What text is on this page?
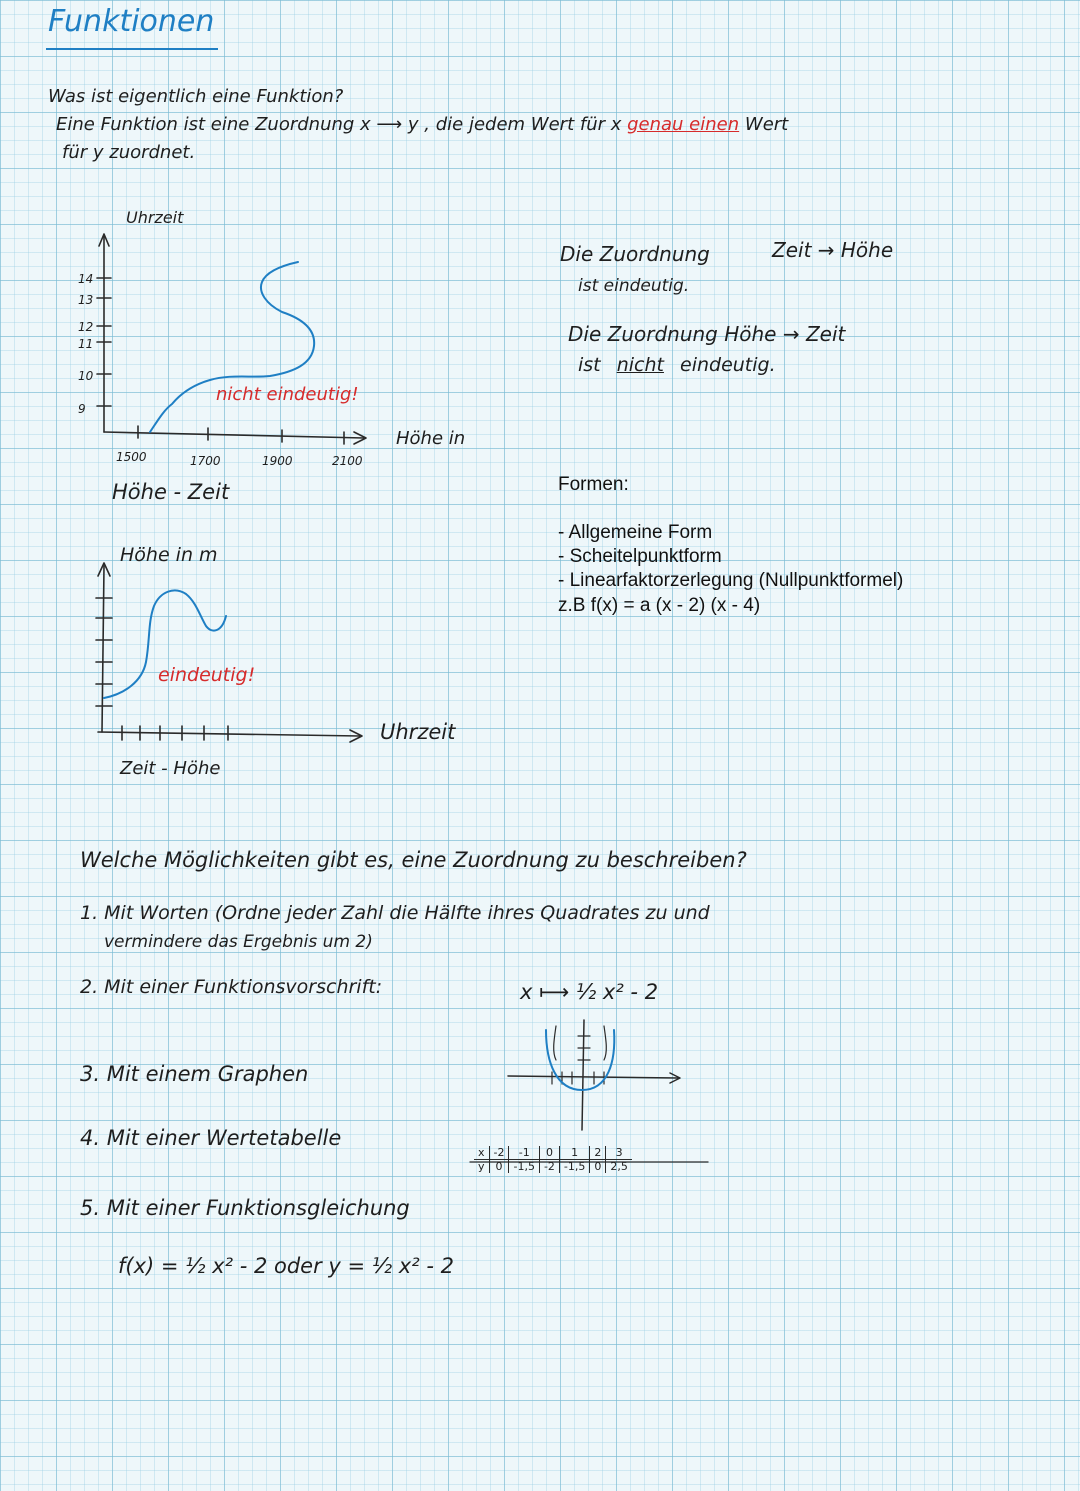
Funktionen
Was ist eigentlich eine Funktion?
Eine Funktion ist eine Zuordnung x ⟶ y , die jedem Wert für x genau einen Wert
für y zuordnet.
Uhrzeit
14
13
12
11
10
9
1500	1700	1900	2100
Höhe in
nicht eindeutig!
Höhe - Zeit
Die Zuordnung	Zeit → Höhe
ist eindeutig.
Die Zuordnung Höhe → Zeit
ist nicht eindeutig.
Formen:
- Allgemeine Form
- Scheitelpunktform
- Linearfaktorzerlegung (Nullpunktformel)
z.B f(x) = a (x - 2) (x - 4)
Höhe in m
eindeutig!
Uhrzeit
Zeit - Höhe
Welche Möglichkeiten gibt es, eine Zuordnung zu beschreiben?
1. Mit Worten (Ordne jeder Zahl die Hälfte ihres Quadrates zu und
vermindere das Ergebnis um 2)
2. Mit einer Funktionsvorschrift:	x ⟼ ½ x² - 2
3. Mit einem Graphen
4. Mit einer Wertetabelle
5. Mit einer Funktionsgleichung
f(x) = ½ x² - 2 oder y = ½ x² - 2
x	-2	-1	0	1	2	3
y	0	-1,5	-2	-1,5	0	2,5
